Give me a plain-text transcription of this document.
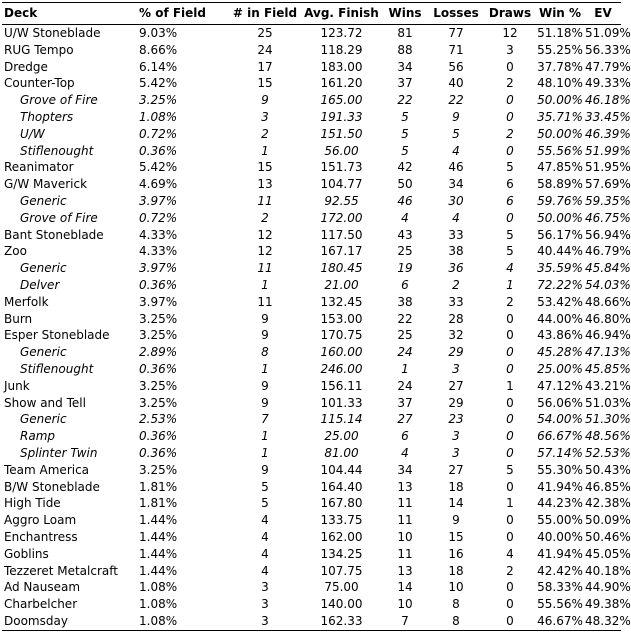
Deck	% of Field	# in Field	Avg. Finish	Wins	Losses	Draws	Win %	EV
U/W Stoneblade	9.03%	25	123.72	81	77	12	51.18%	51.09%
RUG Tempo	8.66%	24	118.29	88	71	3	55.25%	56.33%
Dredge	6.14%	17	183.00	34	56	0	37.78%	47.79%
Counter-Top	5.42%	15	161.20	37	40	2	48.10%	49.33%
Grove of Fire	3.25%	9	165.00	22	22	0	50.00%	46.18%
Thopters	1.08%	3	191.33	5	9	0	35.71%	33.45%
U/W	0.72%	2	151.50	5	5	2	50.00%	46.39%
Stiflenought	0.36%	1	56.00	5	4	0	55.56%	51.99%
Reanimator	5.42%	15	151.73	42	46	5	47.85%	51.95%
G/W Maverick	4.69%	13	104.77	50	34	6	58.89%	57.69%
Generic	3.97%	11	92.55	46	30	6	59.76%	59.35%
Grove of Fire	0.72%	2	172.00	4	4	0	50.00%	46.75%
Bant Stoneblade	4.33%	12	117.50	43	33	5	56.17%	56.94%
Zoo	4.33%	12	167.17	25	38	5	40.44%	46.79%
Generic	3.97%	11	180.45	19	36	4	35.59%	45.84%
Delver	0.36%	1	21.00	6	2	1	72.22%	54.03%
Merfolk	3.97%	11	132.45	38	33	2	53.42%	48.66%
Burn	3.25%	9	153.00	22	28	0	44.00%	46.80%
Esper Stoneblade	3.25%	9	170.75	25	32	0	43.86%	46.94%
Generic	2.89%	8	160.00	24	29	0	45.28%	47.13%
Stiflenought	0.36%	1	246.00	1	3	0	25.00%	45.85%
Junk	3.25%	9	156.11	24	27	1	47.12%	43.21%
Show and Tell	3.25%	9	101.33	37	29	0	56.06%	51.03%
Generic	2.53%	7	115.14	27	23	0	54.00%	51.30%
Ramp	0.36%	1	25.00	6	3	0	66.67%	48.56%
Splinter Twin	0.36%	1	81.00	4	3	0	57.14%	52.53%
Team America	3.25%	9	104.44	34	27	5	55.30%	50.43%
B/W Stoneblade	1.81%	5	164.40	13	18	0	41.94%	46.85%
High Tide	1.81%	5	167.80	11	14	1	44.23%	42.38%
Aggro Loam	1.44%	4	133.75	11	9	0	55.00%	50.09%
Enchantress	1.44%	4	162.00	10	15	0	40.00%	50.46%
Goblins	1.44%	4	134.25	11	16	4	41.94%	45.05%
Tezzeret Metalcraft	1.44%	4	107.75	13	18	2	42.42%	40.18%
Ad Nauseam	1.08%	3	75.00	14	10	0	58.33%	44.90%
Charbelcher	1.08%	3	140.00	10	8	0	55.56%	49.38%
Doomsday	1.08%	3	162.33	7	8	0	46.67%	48.32%
